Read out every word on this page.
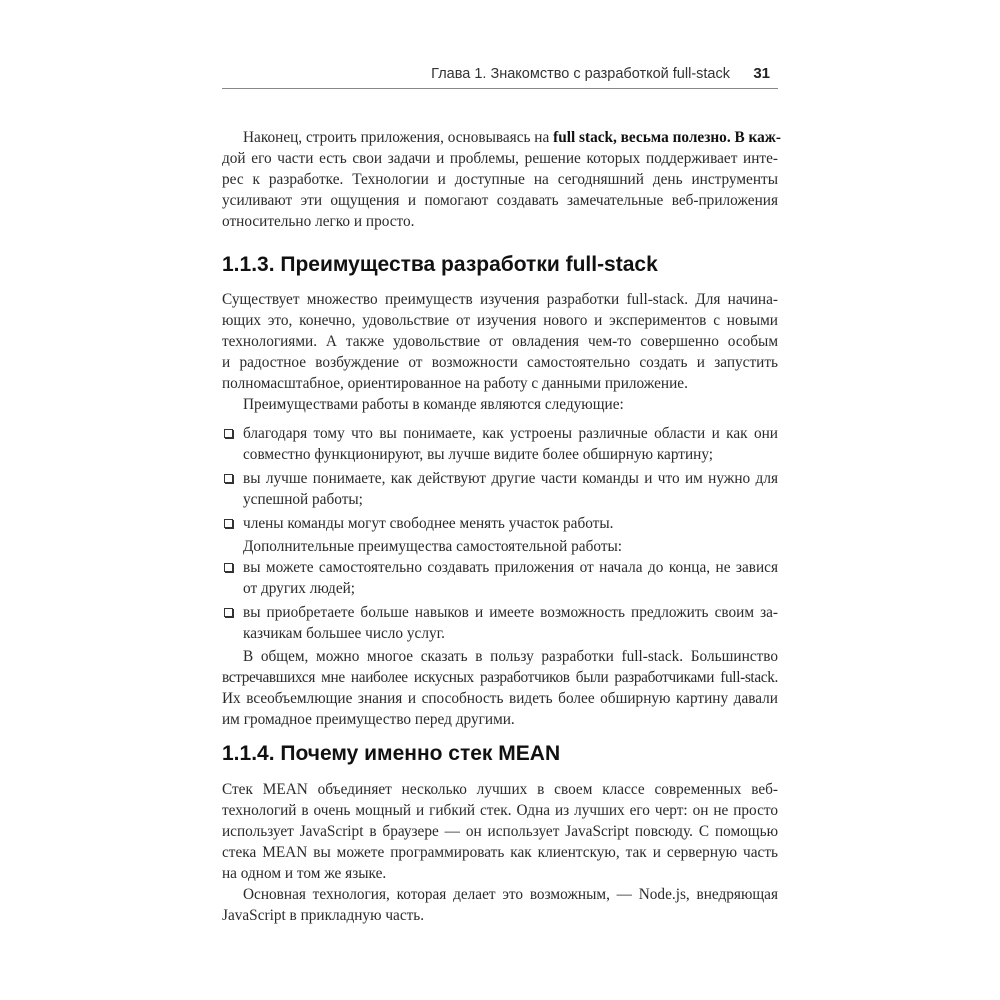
Глава 1. Знакомство с разработкой full-stack 31
Наконец, строить приложения, основываясь на full stack, весьма полезно. В каж-
дой его части есть свои задачи и проблемы, решение которых поддерживает инте-
рес к разработке. Технологии и доступные на сегодняшний день инструменты
усиливают эти ощущения и помогают создавать замечательные веб-приложения
относительно легко и просто.
1.1.3. Преимущества разработки full-stack
Существует множество преимуществ изучения разработки full-stack. Для начина-
ющих это, конечно, удовольствие от изучения нового и экспериментов с новыми
технологиями. А также удовольствие от овладения чем-то совершенно особым
и радостное возбуждение от возможности самостоятельно создать и запустить
полномасштабное, ориентированное на работу с данными приложение.
Преимуществами работы в команде являются следующие:
благодаря тому что вы понимаете, как устроены различные области и как они
совместно функционируют, вы лучше видите более обширную картину;
вы лучше понимаете, как действуют другие части команды и что им нужно для
успешной работы;
члены команды могут свободнее менять участок работы.
Дополнительные преимущества самостоятельной работы:
вы можете самостоятельно создавать приложения от начала до конца, не завися
от других людей;
вы приобретаете больше навыков и имеете возможность предложить своим за-
казчикам большее число услуг.
В общем, можно многое сказать в пользу разработки full-stack. Большинство
встречавшихся мне наиболее искусных разработчиков были разработчиками full-stack.
Их всеобъемлющие знания и способность видеть более обширную картину давали
им громадное преимущество перед другими.
1.1.4. Почему именно стек MEAN
Стек MEAN объединяет несколько лучших в своем классе современных веб-
технологий в очень мощный и гибкий стек. Одна из лучших его черт: он не просто
использует JavaScript в браузере — он использует JavaScript повсюду. С помощью
стека MEAN вы можете программировать как клиентскую, так и серверную часть
на одном и том же языке.
Основная технология, которая делает это возможным, — Node.js, внедряющая
JavaScript в прикладную часть.
